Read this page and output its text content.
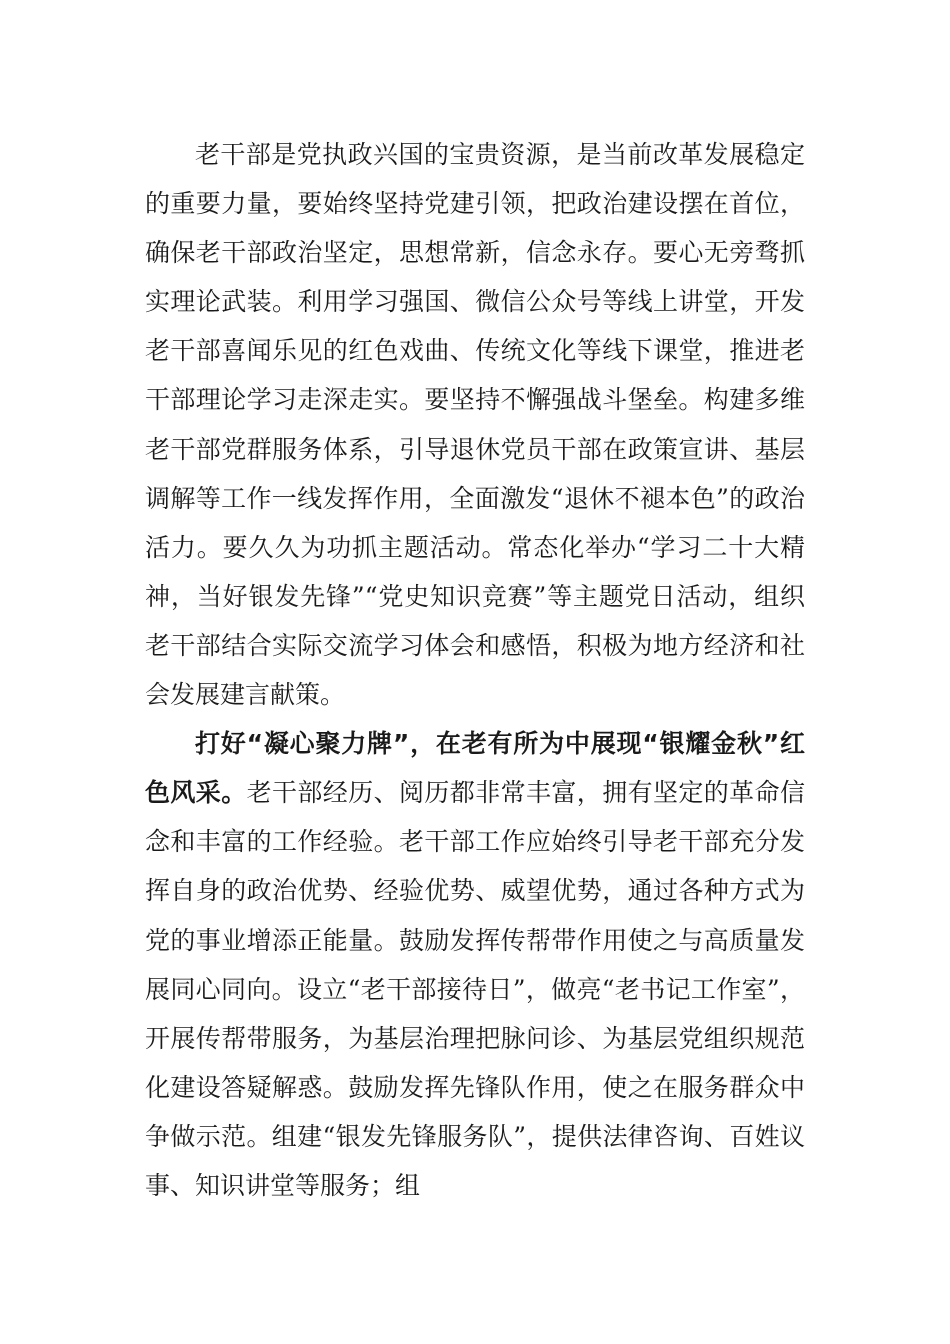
老干部是党执政兴国的宝贵资源，是当前改革发展稳定的重要力量，要始终坚持党建引领，把政治建设摆在首位，确保老干部政治坚定，思想常新，信念永存。要心无旁骛抓实理论武装。利用学习强国、微信公众号等线上讲堂，开发老干部喜闻乐见的红色戏曲、传统文化等线下课堂，推进老干部理论学习走深走实。要坚持不懈强战斗堡垒。构建多维老干部党群服务体系，引导退休党员干部在政策宣讲、基层调解等工作一线发挥作用，全面激发“退休不褪本色”的政治活力。要久久为功抓主题活动。常态化举办“学习二十大精神，当好银发先锋”“党史知识竞赛”等主题党日活动，组织老干部结合实际交流学习体会和感悟，积极为地方经济和社会发展建言献策。

打好“凝心聚力牌”，在老有所为中展现“银耀金秋”红色风采。老干部经历、阅历都非常丰富，拥有坚定的革命信念和丰富的工作经验。老干部工作应始终引导老干部充分发挥自身的政治优势、经验优势、威望优势，通过各种方式为党的事业增添正能量。鼓励发挥传帮带作用使之与高质量发展同心同向。设立“老干部接待日”，做亮“老书记工作室”，开展传帮带服务，为基层治理把脉问诊、为基层党组织规范化建设答疑解惑。鼓励发挥先锋队作用，使之在服务群众中争做示范。组建“银发先锋服务队”，提供法律咨询、百姓议事、知识讲堂等服务；组
